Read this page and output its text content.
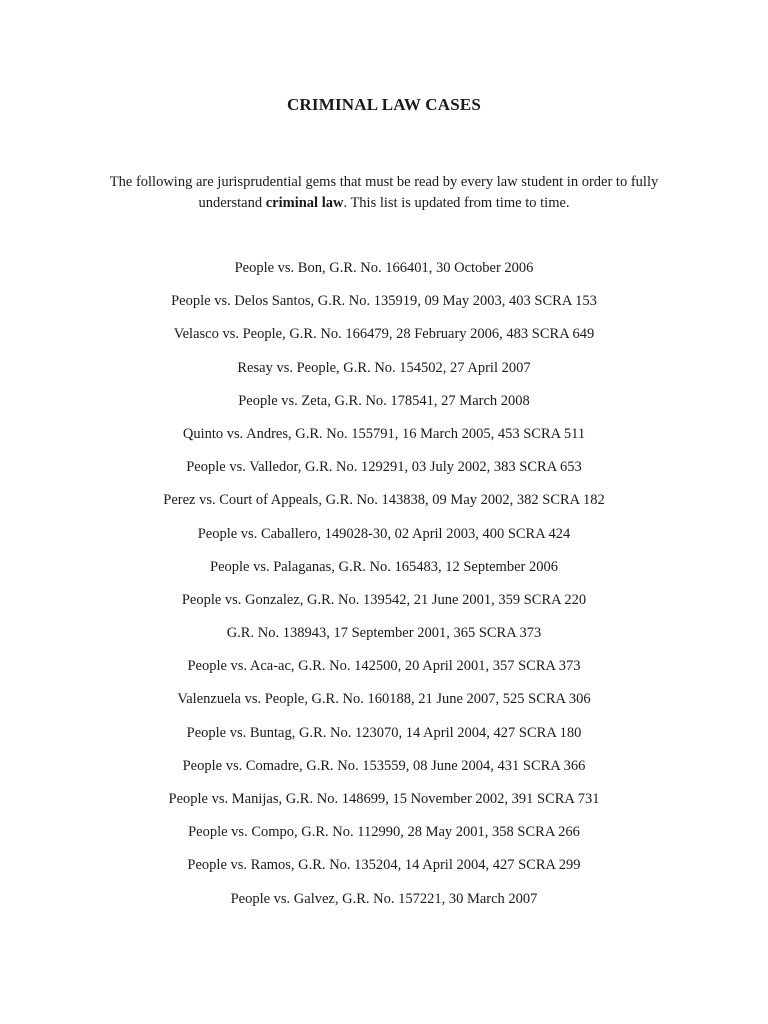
CRIMINAL LAW CASES
The following are jurisprudential gems that must be read by every law student in order to fully understand criminal law. This list is updated from time to time.
People vs. Bon, G.R. No. 166401, 30 October 2006
People vs. Delos Santos, G.R. No. 135919, 09 May 2003, 403 SCRA 153
Velasco vs. People, G.R. No. 166479, 28 February 2006, 483 SCRA 649
Resay vs. People, G.R. No. 154502, 27 April 2007
People vs. Zeta, G.R. No. 178541, 27 March 2008
Quinto vs. Andres, G.R. No. 155791, 16 March 2005, 453 SCRA 511
People vs. Valledor, G.R. No. 129291, 03 July 2002, 383 SCRA 653
Perez vs. Court of Appeals, G.R. No. 143838, 09 May 2002, 382 SCRA 182
People vs. Caballero, 149028-30, 02 April 2003, 400 SCRA 424
People vs. Palaganas, G.R. No. 165483, 12 September 2006
People vs. Gonzalez, G.R. No. 139542, 21 June 2001, 359 SCRA 220
G.R. No. 138943, 17 September 2001, 365 SCRA 373
People vs. Aca-ac, G.R. No. 142500, 20 April 2001, 357 SCRA 373
Valenzuela vs. People, G.R. No. 160188, 21 June 2007, 525 SCRA 306
People vs. Buntag, G.R. No. 123070, 14 April 2004, 427 SCRA 180
People vs. Comadre, G.R. No. 153559, 08 June 2004, 431 SCRA 366
People vs. Manijas, G.R. No. 148699, 15 November 2002, 391 SCRA 731
People vs. Compo, G.R. No. 112990, 28 May 2001, 358 SCRA 266
People vs. Ramos, G.R. No. 135204, 14 April 2004, 427 SCRA 299
People vs. Galvez, G.R. No. 157221, 30 March 2007
